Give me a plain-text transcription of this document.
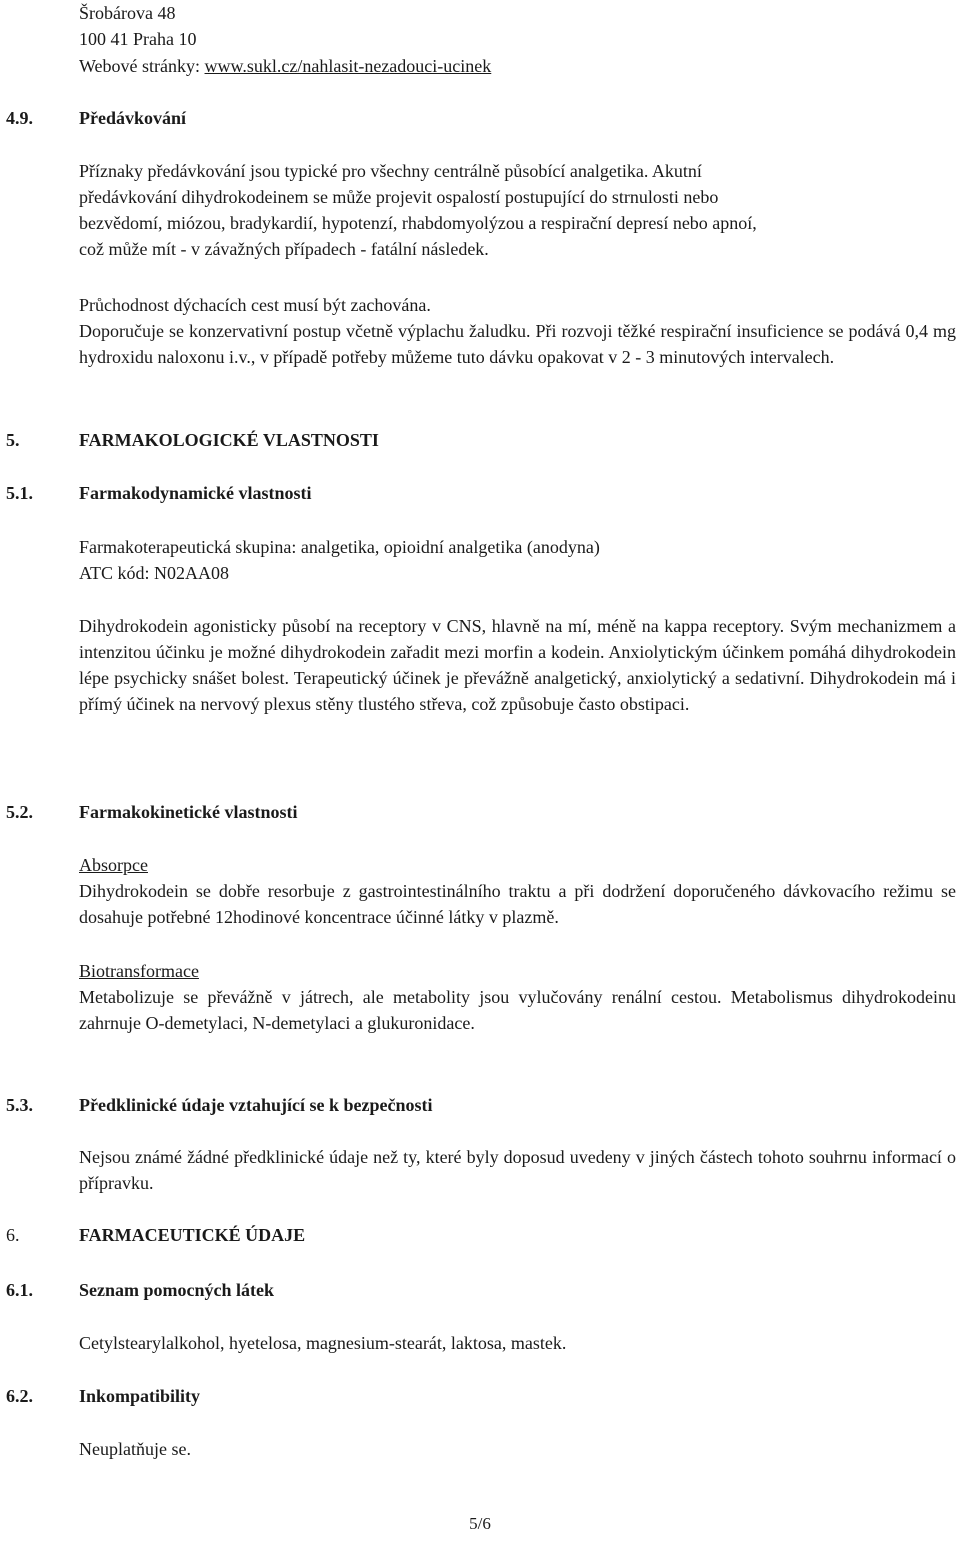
Šrobárova 48
100 41 Praha 10
Webové stránky: www.sukl.cz/nahlasit-nezadouci-ucinek
4.9.	Předávkování
Příznaky předávkování jsou typické pro všechny centrálně působící analgetika. Akutní
předávkování dihydrokodeinem se může projevit ospalostí postupující do strnulosti nebo
bezvědomí, miózou, bradykardií, hypotenzí, rhabdomyolýzou a respirační depresí nebo apnoí,
což může mít - v závažných případech - fatální následek.
Průchodnost dýchacích cest musí být zachována.
Doporučuje se konzervativní postup včetně výplachu žaludku. Při rozvoji těžké respirační insuficience se podává 0,4 mg hydroxidu naloxonu i.v., v případě potřeby můžeme tuto dávku opakovat v 2 - 3 minutových intervalech.
5.	FARMAKOLOGICKÉ VLASTNOSTI
5.1.	Farmakodynamické vlastnosti
Farmakoterapeutická skupina: analgetika, opioidní analgetika (anodyna)
ATC kód: N02AA08
Dihydrokodein agonisticky působí na receptory v CNS, hlavně na mí, méně na kappa receptory. Svým mechanizmem a intenzitou účinku je možné dihydrokodein zařadit mezi morfin a kodein. Anxiolytickým účinkem pomáhá dihydrokodein lépe psychicky snášet bolest. Terapeutický účinek je převážně analgetický, anxiolytický a sedativní. Dihydrokodein má i přímý účinek na nervový plexus stěny tlustého střeva, což způsobuje často obstipaci.
5.2.	Farmakokinetické vlastnosti
Absorpce
Dihydrokodein se dobře resorbuje z gastrointestinálního traktu a při dodržení doporučeného dávkovacího režimu se dosahuje potřebné 12hodinové koncentrace účinné látky v plazmě.
Biotransformace
Metabolizuje se převážně v játrech, ale metabolity jsou vylučovány renální cestou. Metabolismus dihydrokodeinu zahrnuje O-demetylaci, N-demetylaci a glukuronidace.
5.3.	Předklinické údaje vztahující se k bezpečnosti
Nejsou známé žádné předklinické údaje než ty, které byly doposud uvedeny v jiných částech tohoto souhrnu informací o přípravku.
6.	FARMACEUTICKÉ ÚDAJE
6.1.	Seznam pomocných látek
Cetylstearylalkohol, hyetelosa, magnesium-stearát, laktosa, mastek.
6.2.	Inkompatibility
Neuplatňuje se.
5/6
